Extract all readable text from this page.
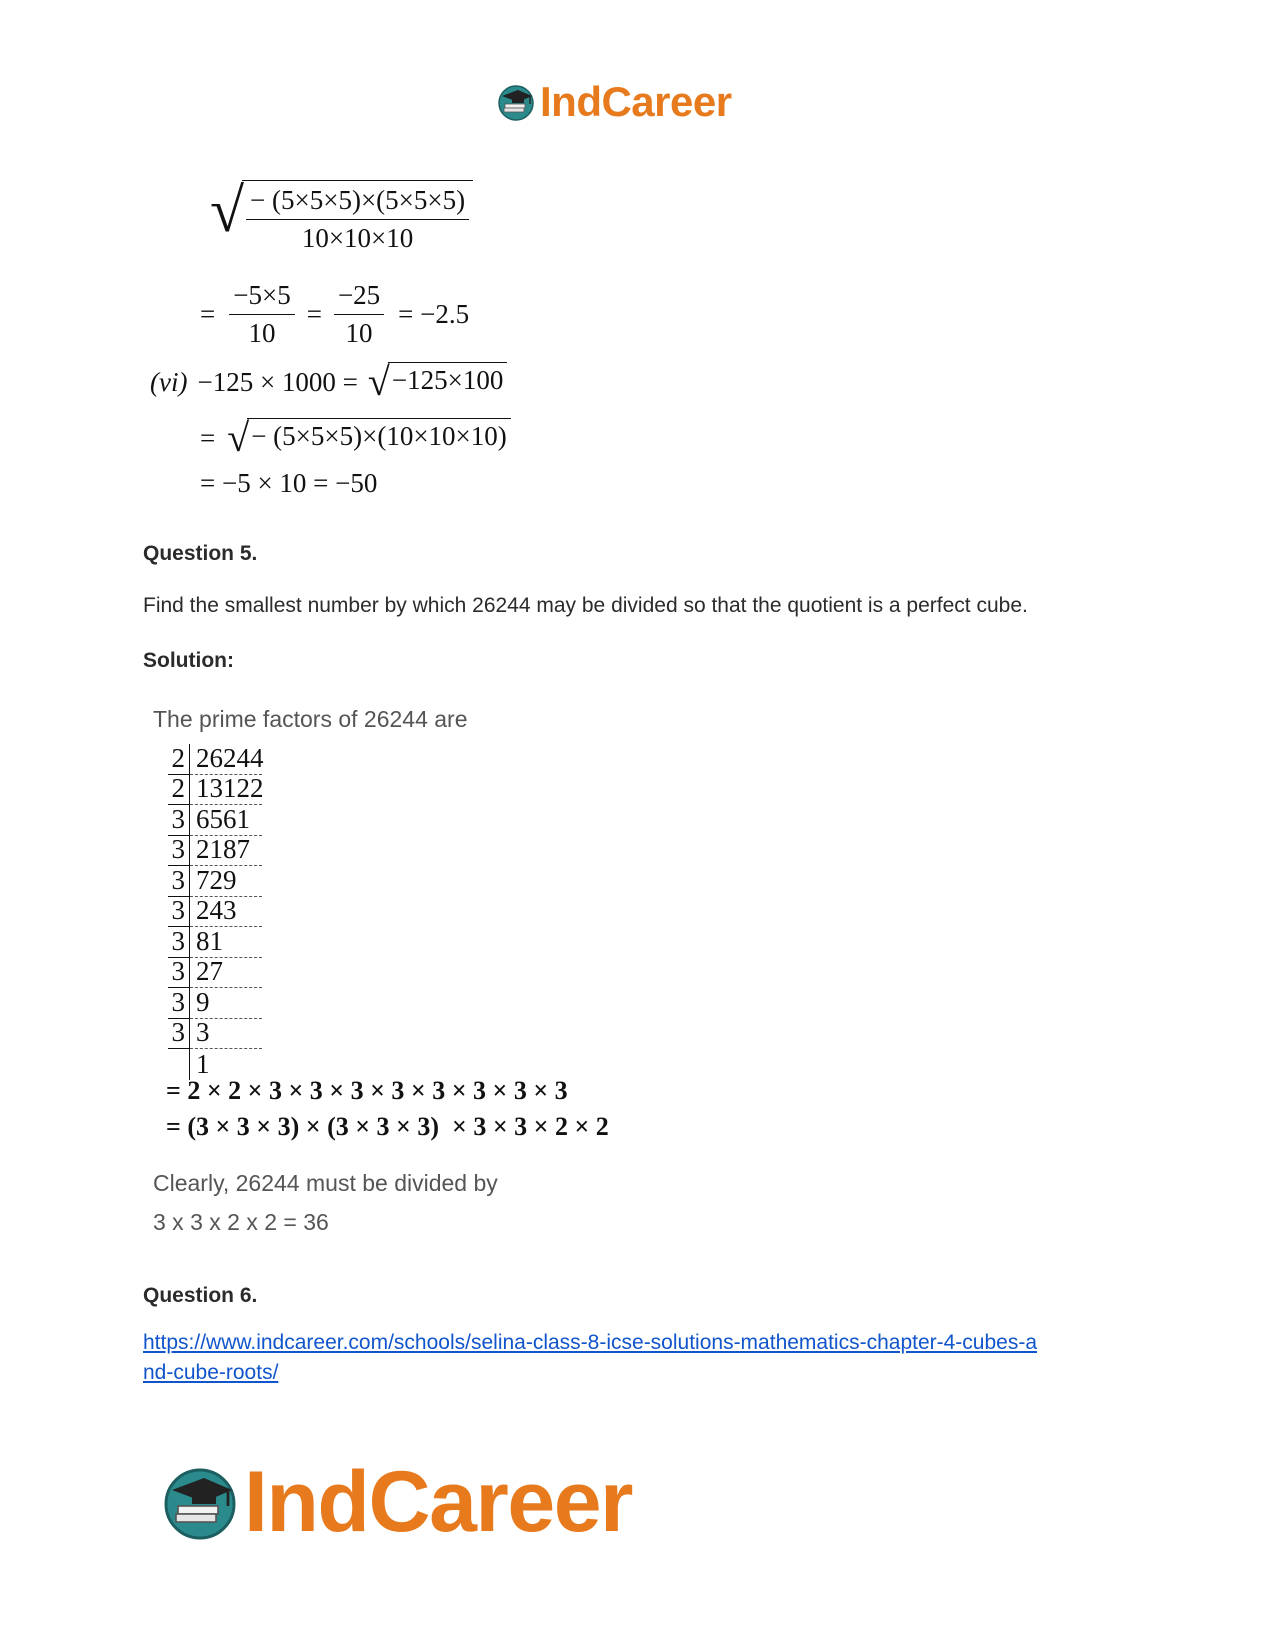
IndCareer
√ $\frac{- (5\times 5\times 5)\times(5\times 5\times 5)}{10\times 10\times 10}$
= $\frac{-5\times 5}{10} = \frac{-25}{10} = -2.5$
(vi) −125 × 1000 = √ −125×100
= √ − (5×5×5)×(10×10×10)
= −5 × 10 = −50
Question 5.
Find the smallest number by which 26244 may be divided so that the quotient is a perfect cube.
Solution:
The prime factors of 26244 are
2 26244
2 13122
3 6561
3 2187
3 729
3 243
3 81
3 27
3 9
3 3
1
= 2 × 2 × 3 × 3 × 3 × 3 × 3 × 3 × 3 × 3
= (3 × 3 × 3) × (3 × 3 × 3)  × 3 × 3 × 2 × 2
Clearly, 26244 must be divided by
3 x 3 x 2 x 2 = 36
Question 6.
https://www.indcareer.com/schools/selina-class-8-icse-solutions-mathematics-chapter-4-cubes-a
nd-cube-roots/
IndCareer
